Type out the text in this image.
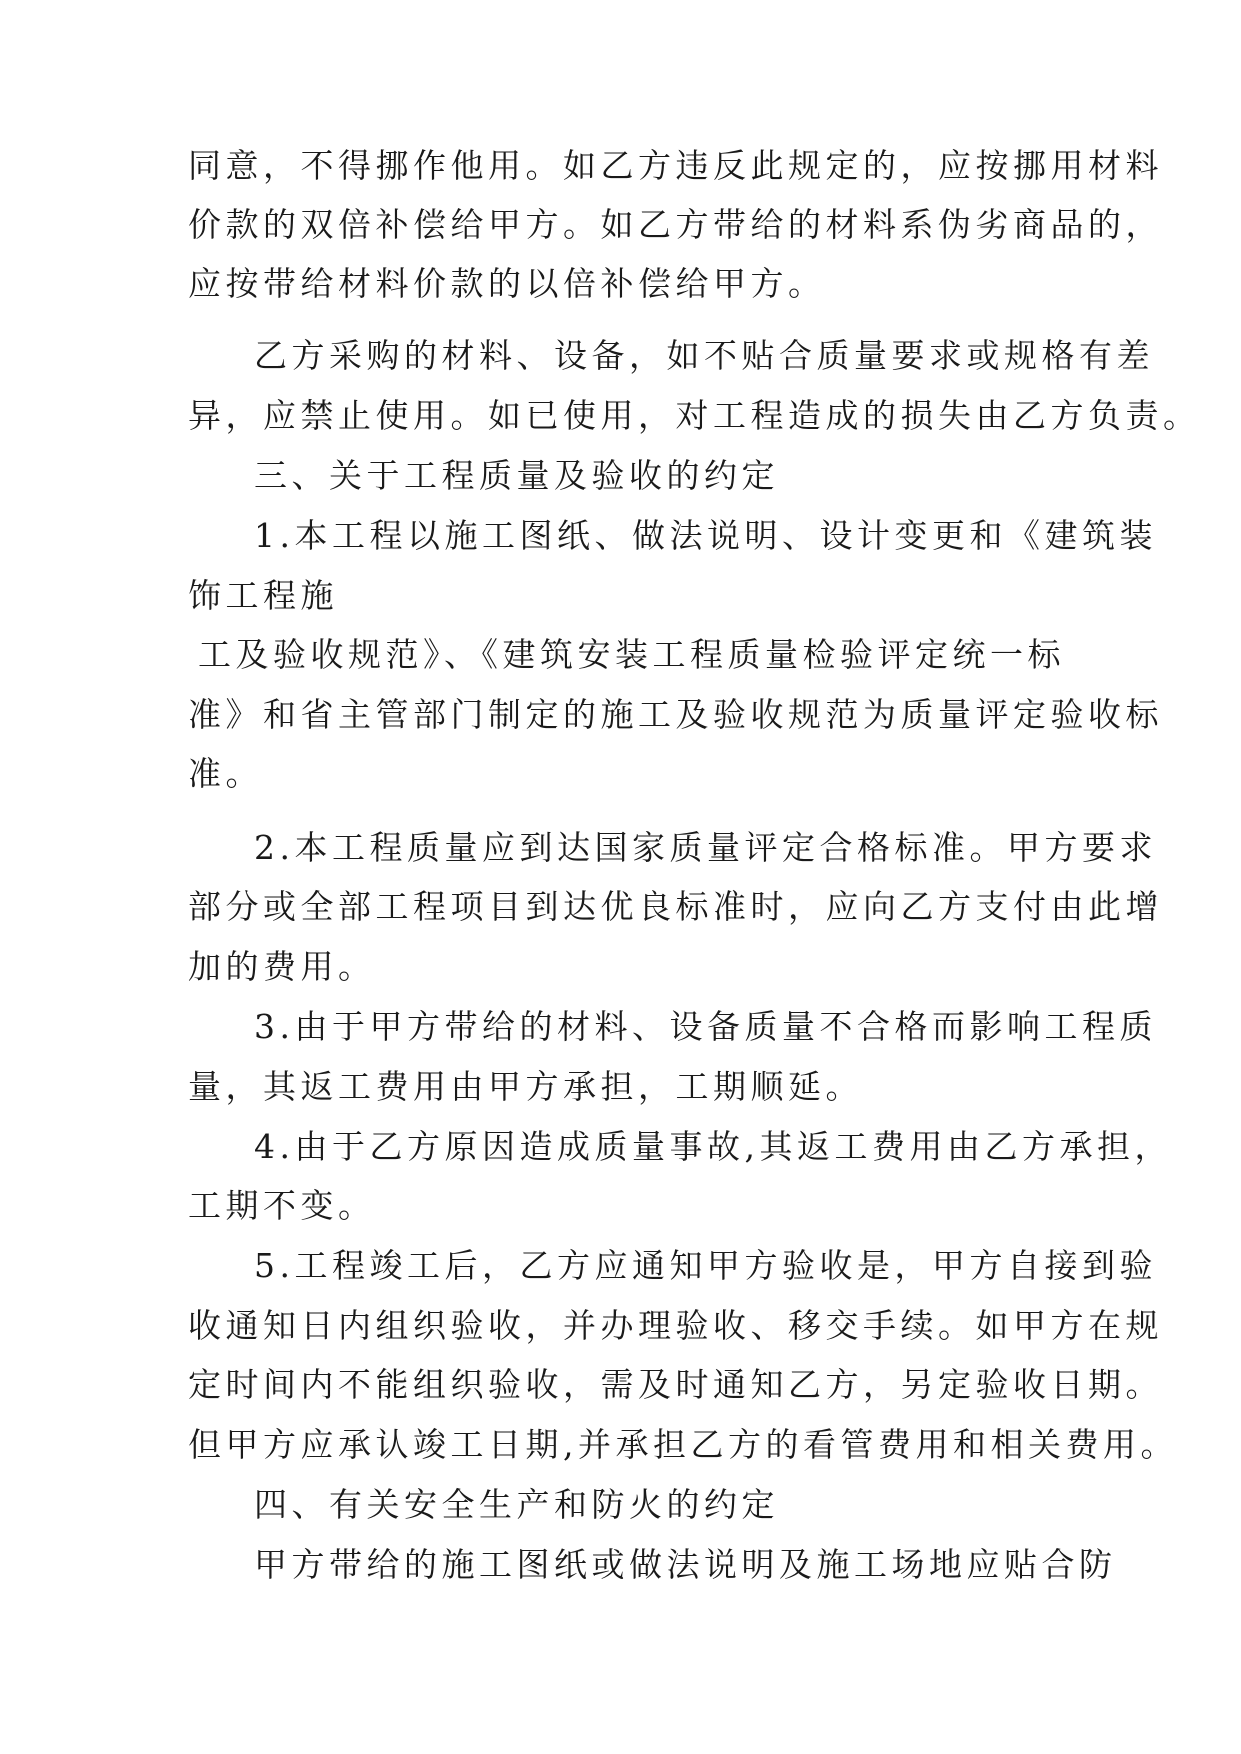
同意，不得挪作他用。如乙方违反此规定的，应按挪用材料
价款的双倍补偿给甲方。如乙方带给的材料系伪劣商品的，
应按带给材料价款的以倍补偿给甲方。
乙方采购的材料、设备，如不贴合质量要求或规格有差
异，应禁止使用。如已使用，对工程造成的损失由乙方负责。
三、关于工程质量及验收的约定
1.本工程以施工图纸、做法说明、设计变更和《建筑装
饰工程施
工及验收规范》、《建筑安装工程质量检验评定统一标
准》和省主管部门制定的施工及验收规范为质量评定验收标
准。
2.本工程质量应到达国家质量评定合格标准。甲方要求
部分或全部工程项目到达优良标准时，应向乙方支付由此增
加的费用。
3.由于甲方带给的材料、设备质量不合格而影响工程质
量，其返工费用由甲方承担，工期顺延。
4.由于乙方原因造成质量事故,其返工费用由乙方承担，
工期不变。
5.工程竣工后，乙方应通知甲方验收是，甲方自接到验
收通知日内组织验收，并办理验收、移交手续。如甲方在规
定时间内不能组织验收，需及时通知乙方，另定验收日期。
但甲方应承认竣工日期,并承担乙方的看管费用和相关费用。
四、有关安全生产和防火的约定
甲方带给的施工图纸或做法说明及施工场地应贴合防
